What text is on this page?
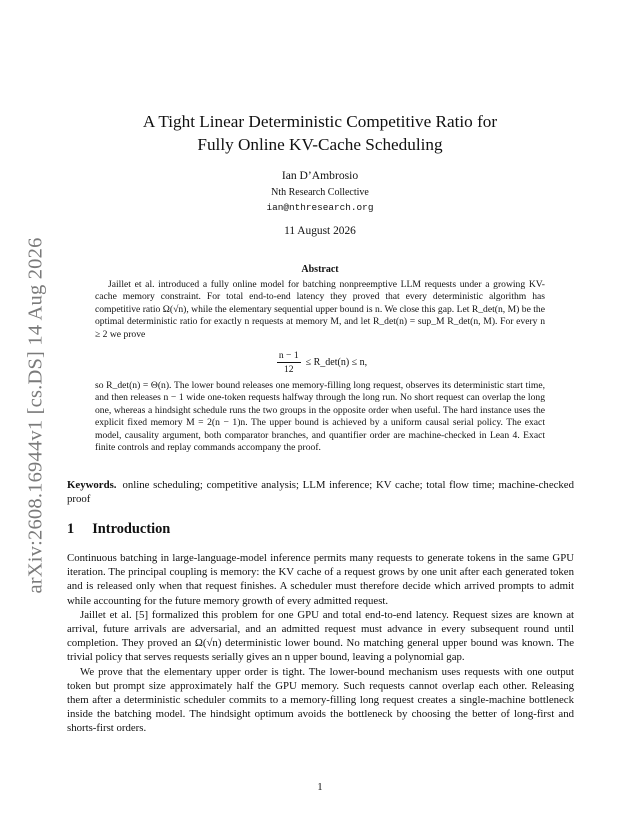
arXiv:2608.16944v1 [cs.DS] 14 Aug 2026
A Tight Linear Deterministic Competitive Ratio for
Fully Online KV-Cache Scheduling
Ian D’Ambrosio
Nth Research Collective
ian@nthresearch.org
11 August 2026
Abstract

Jaillet et al. introduced a fully online model for batching nonpreemptive LLM requests under a growing KV-cache memory constraint. For total end-to-end latency they proved that every deterministic algorithm has competitive ratio Ω(√n), while the elementary sequential upper bound is n. We close this gap. Let R_det(n, M) be the optimal deterministic ratio for exactly n requests at memory M, and let R_det(n) = sup_M R_det(n, M). For every n ≥ 2 we prove

$\frac{n - 1}{12}$ ≤ R_det(n) ≤ n,

so R_det(n) = Θ(n). The lower bound releases one memory-filling long request, observes its deterministic start time, and then releases n − 1 wide one-token requests halfway through the long run. No short request can overlap the long one, whereas a hindsight schedule runs the two groups in the opposite order when useful. The hard instance uses the explicit fixed memory M = 2(n − 1)n. The upper bound is achieved by a uniform causal serial policy. The exact model, causality argument, both comparator branches, and quantifier order are machine-checked in Lean 4. Exact finite controls and replay commands accompany the proof.

Keywords. online scheduling; competitive analysis; LLM inference; KV cache; total flow time; machine-checked proof
1 Introduction

Continuous batching in large-language-model inference permits many requests to generate tokens in the same GPU iteration. The principal coupling is memory: the KV cache of a request grows by one unit after each generated token and is released only when that request finishes. A scheduler must therefore decide which arrived prompts to admit while accounting for the future memory growth of every admitted request.

Jaillet et al. [5] formalized this problem for one GPU and total end-to-end latency. Request sizes are known at arrival, future arrivals are adversarial, and an admitted request must advance in every subsequent round until completion. They proved an Ω(√n) deterministic lower bound. No matching general upper bound was known. The trivial policy that serves requests serially gives an n upper bound, leaving a polynomial gap.

We prove that the elementary upper order is tight. The lower-bound mechanism uses requests with one output token but prompt size approximately half the GPU memory. Such requests cannot overlap each other. Releasing them after a deterministic scheduler commits to a memory-filling long request creates a single-machine bottleneck inside the batching model. The hindsight optimum avoids the bottleneck by choosing the better of long-first and shorts-first orders.

1
